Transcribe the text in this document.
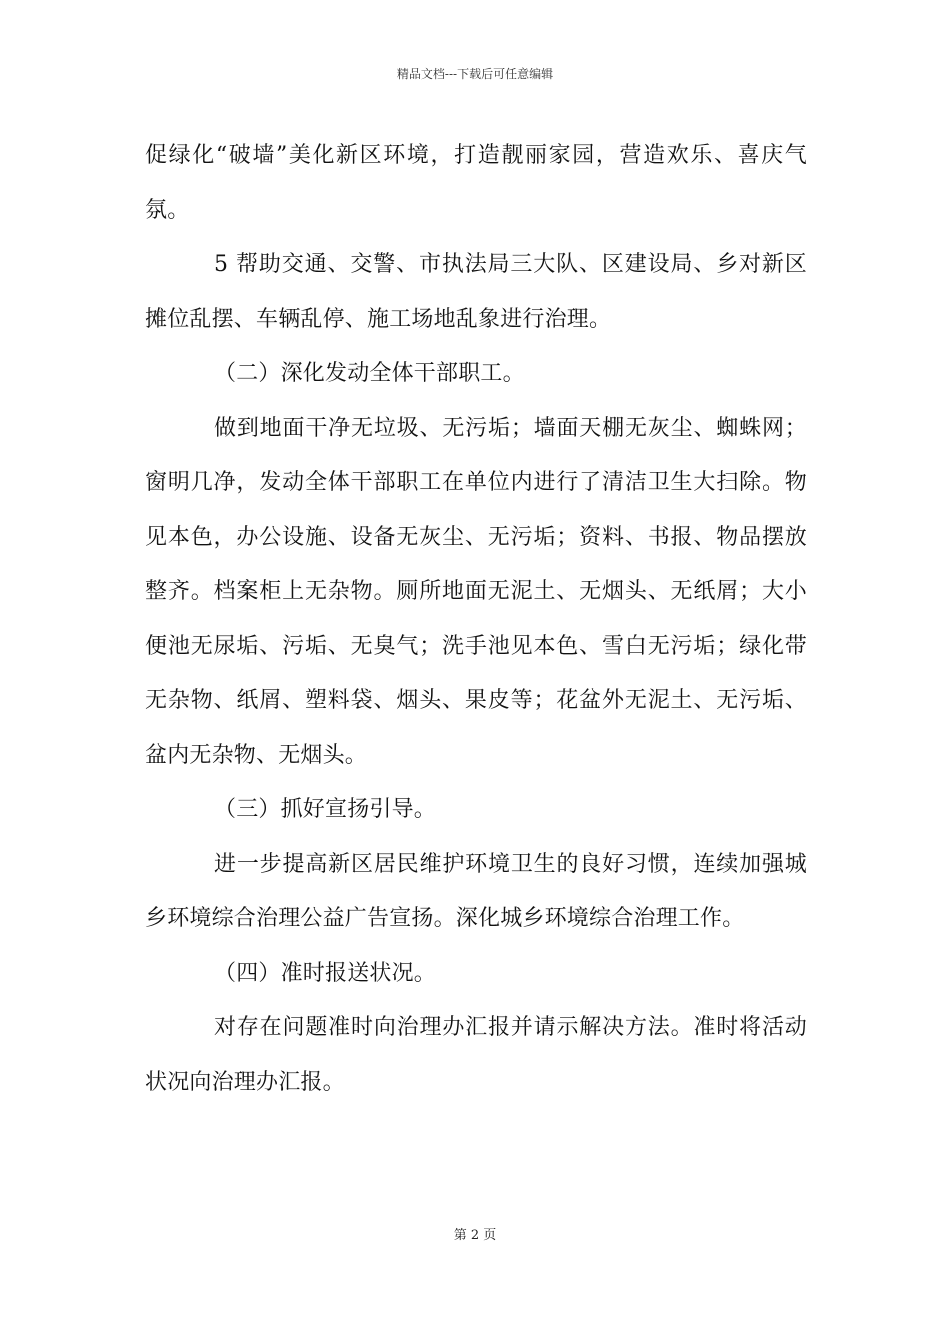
精品文档---下载后可任意编辑

促绿化“破墙”美化新区环境，打造靓丽家园，营造欢乐、喜庆气氛。

5 帮助交通、交警、市执法局三大队、区建设局、乡对新区摊位乱摆、车辆乱停、施工场地乱象进行治理。

（二）深化发动全体干部职工。

做到地面干净无垃圾、无污垢；墙面天棚无灰尘、蜘蛛网；窗明几净，发动全体干部职工在单位内进行了清洁卫生大扫除。物见本色，办公设施、设备无灰尘、无污垢；资料、书报、物品摆放整齐。档案柜上无杂物。厕所地面无泥土、无烟头、无纸屑；大小便池无尿垢、污垢、无臭气；洗手池见本色、雪白无污垢；绿化带无杂物、纸屑、塑料袋、烟头、果皮等；花盆外无泥土、无污垢、盆内无杂物、无烟头。

（三）抓好宣扬引导。

进一步提高新区居民维护环境卫生的良好习惯，连续加强城乡环境综合治理公益广告宣扬。深化城乡环境综合治理工作。

（四）准时报送状况。

对存在问题准时向治理办汇报并请示解决方法。准时将活动状况向治理办汇报。

第 2 页
